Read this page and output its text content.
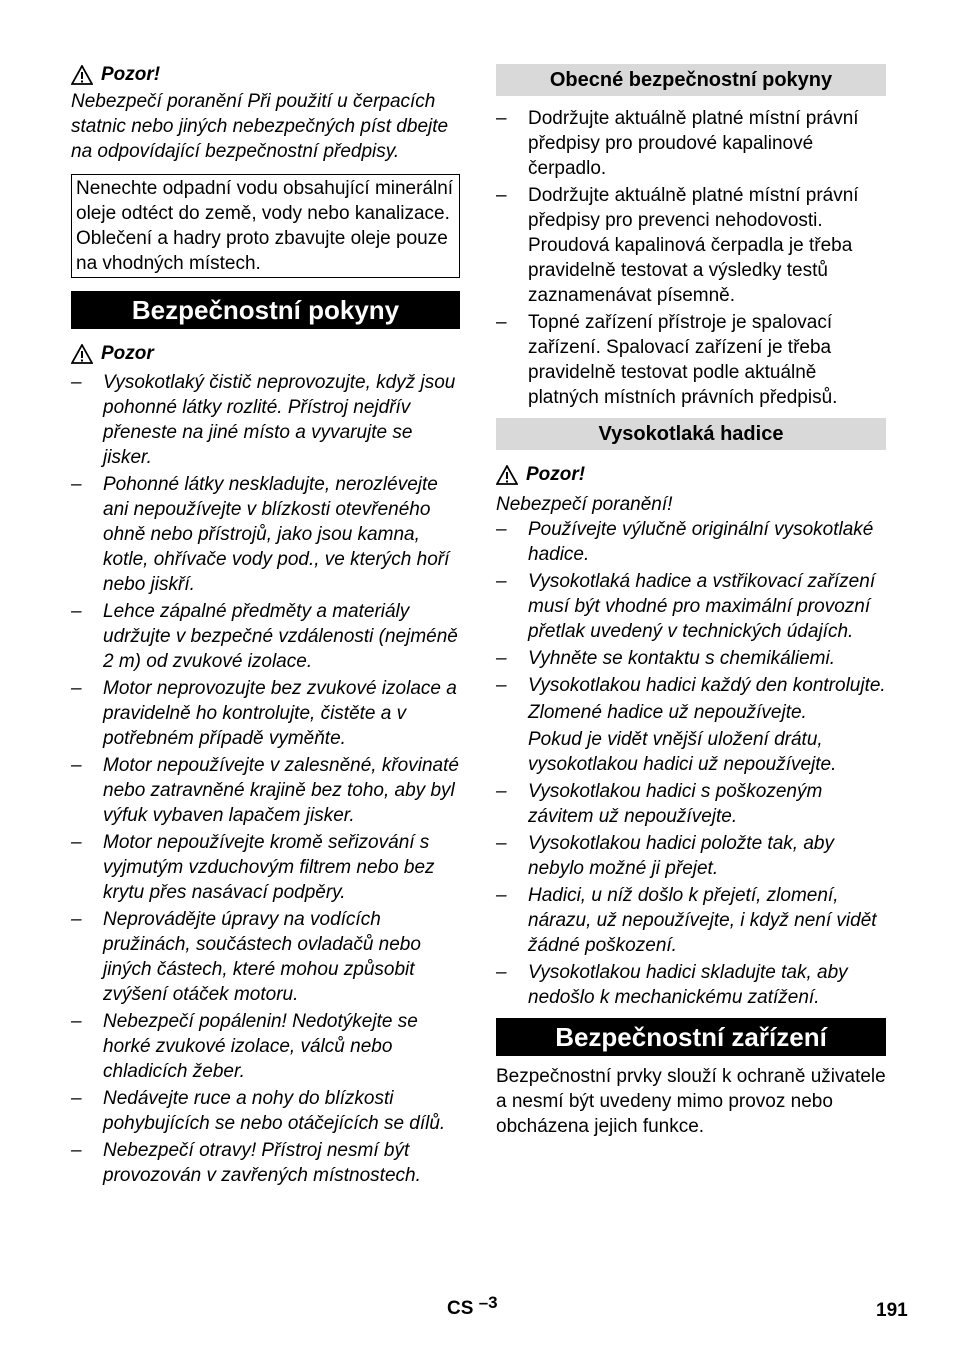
Pozor!

Nebezpečí poranění Při použití u čerpacích statnic nebo jiných nebezpečných píst dbejte na odpovídající bezpečnostní předpisy.

Nenechte odpadní vodu obsahující minerální oleje odtéct do země, vody nebo kanalizace. Oblečení a hadry proto zbavujte oleje pouze na vhodných místech.

Bezpečnostní pokyny
Pozor
– Vysokotlaký čistič neprovozujte, když jsou pohonné látky rozlité. Přístroj nejdřív přeneste na jiné místo a vyvarujte se jisker.
– Pohonné látky neskladujte, nerozlévejte ani nepoužívejte v blízkosti otevřeného ohně nebo přístrojů, jako jsou kamna, kotle, ohřívače vody pod., ve kterých hoří nebo jiskří.
– Lehce zápalné předměty a materiály udržujte v bezpečné vzdálenosti (nejméně 2 m) od zvukové izolace.
– Motor neprovozujte bez zvukové izolace a pravidelně ho kontrolujte, čistěte a v potřebném případě vyměňte.
– Motor nepoužívejte v zalesněné, křovinaté nebo zatravněné krajině bez toho, aby byl výfuk vybaven lapačem jisker.
– Motor nepoužívejte kromě seřizování s vyjmutým vzduchovým filtrem nebo bez krytu přes nasávací podpěry.
– Neprovádějte úpravy na vodících pružinách, součástech ovladačů nebo jiných částech, které mohou způsobit zvýšení otáček motoru.
– Nebezpečí popálenin! Nedotýkejte se horké zvukové izolace, válců nebo chladicích žeber.
– Nedávejte ruce a nohy do blízkosti pohybujících se nebo otáčejících se dílů.
– Nebezpečí otravy! Přístroj nesmí být provozován v zavřených místnostech.
Obecné bezpečnostní pokyny
– Dodržujte aktuálně platné místní právní předpisy pro proudové kapalinové čerpadlo.
– Dodržujte aktuálně platné místní právní předpisy pro prevenci nehodovosti. Proudová kapalinová čerpadla je třeba pravidelně testovat a výsledky testů zaznamenávat písemně.
– Topné zařízení přístroje je spalovací zařízení. Spalovací zařízení je třeba pravidelně testovat podle aktuálně platných místních právních předpisů.
Vysokotlaká hadice
Pozor!

Nebezpečí poranění!

– Používejte výlučně originální vysokotlaké hadice.
– Vysokotlaká hadice a vstřikovací zařízení musí být vhodné pro maximální provozní přetlak uvedený v technických údajích.
– Vyhněte se kontaktu s chemikáliemi.
– Vysokotlakou hadici každý den kontrolujte.

Zlomené hadice už nepoužívejte.

Pokud je vidět vnější uložení drátu, vysokotlakou hadici už nepoužívejte.

– Vysokotlakou hadici s poškozeným závitem už nepoužívejte.
– Vysokotlakou hadici položte tak, aby nebylo možné ji přejet.
– Hadici, u níž došlo k přejetí, zlomení, nárazu, už nepoužívejte, i když není vidět žádné poškození.
– Vysokotlakou hadici skladujte tak, aby nedošlo k mechanickému zatížení.
Bezpečnostní zařízení

Bezpečnostní prvky slouží k ochraně uživatele a nesmí být uvedeny mimo provoz nebo obcházena jejich funkce.

CS –3	191
